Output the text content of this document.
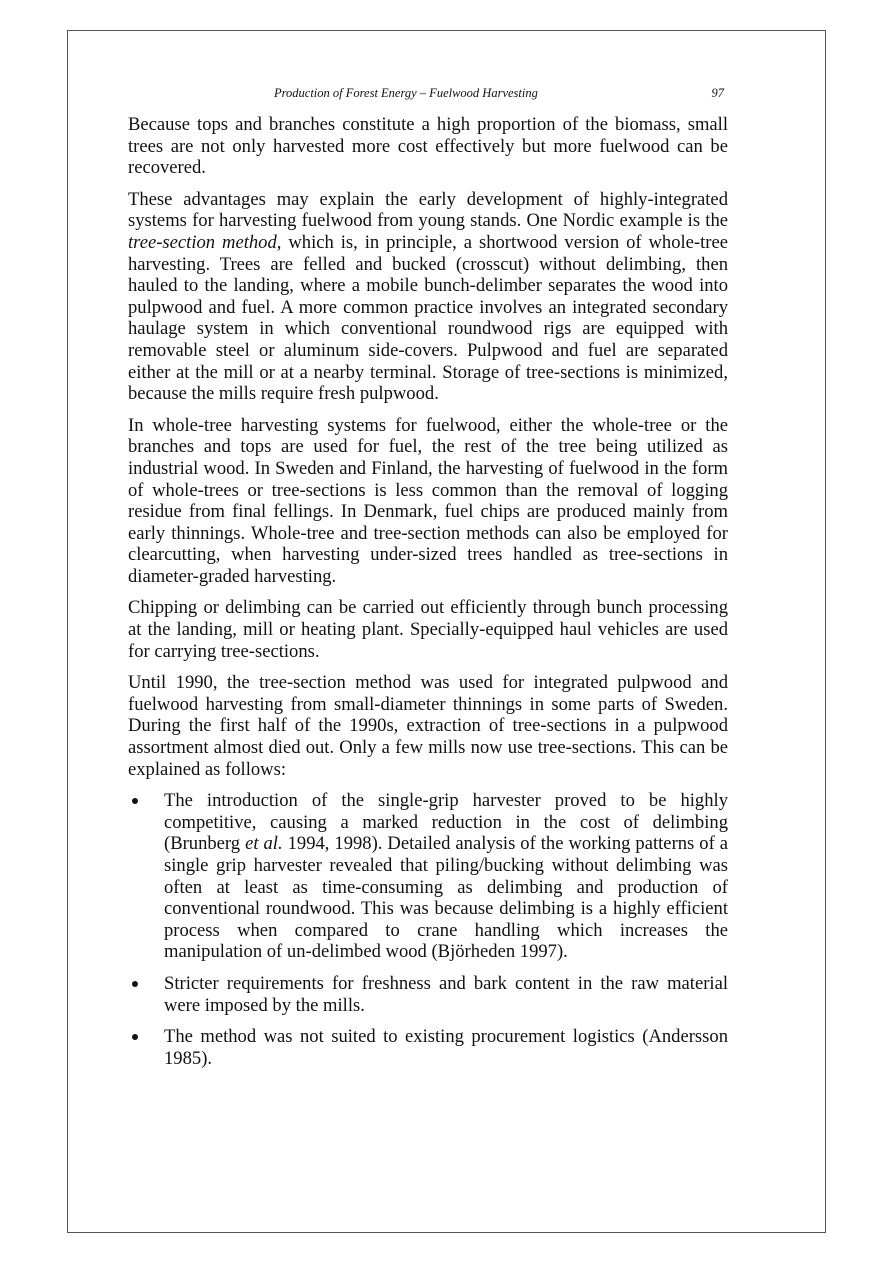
Production of Forest Energy – Fuelwood Harvesting	97

Because tops and branches constitute a high proportion of the biomass, small trees are not only harvested more cost effectively but more fuelwood can be recovered.

These advantages may explain the early development of highly-integrated systems for harvesting fuelwood from young stands. One Nordic example is the tree-section method, which is, in principle, a shortwood version of whole-tree harvesting. Trees are felled and bucked (crosscut) without delimbing, then hauled to the landing, where a mobile bunch-delimber separates the wood into pulpwood and fuel. A more common practice involves an integrated secondary haulage system in which conventional roundwood rigs are equipped with removable steel or aluminum side-covers. Pulpwood and fuel are separated either at the mill or at a nearby terminal. Storage of tree-sections is minimized, because the mills require fresh pulpwood.

In whole-tree harvesting systems for fuelwood, either the whole-tree or the branches and tops are used for fuel, the rest of the tree being utilized as industrial wood. In Sweden and Finland, the harvesting of fuelwood in the form of whole-trees or tree-sections is less common than the removal of logging residue from final fellings. In Denmark, fuel chips are produced mainly from early thinnings. Whole-tree and tree-section methods can also be employed for clearcutting, when harvesting under-sized trees handled as tree-sections in diameter-graded harvesting.

Chipping or delimbing can be carried out efficiently through bunch processing at the landing, mill or heating plant. Specially-equipped haul vehicles are used for carrying tree-sections.

Until 1990, the tree-section method was used for integrated pulpwood and fuelwood harvesting from small-diameter thinnings in some parts of Sweden. During the first half of the 1990s, extraction of tree-sections in a pulpwood assortment almost died out. Only a few mills now use tree-sections. This can be explained as follows:

The introduction of the single-grip harvester proved to be highly competitive, causing a marked reduction in the cost of delimbing (Brunberg et al. 1994, 1998). Detailed analysis of the working patterns of a single grip harvester revealed that piling/bucking without delimbing was often at least as time-consuming as delimbing and production of conventional roundwood. This was because delimbing is a highly efficient process when compared to crane handling which increases the manipulation of un-delimbed wood (Björheden 1997).
Stricter requirements for freshness and bark content in the raw material were imposed by the mills.
The method was not suited to existing procurement logistics (Andersson 1985).
